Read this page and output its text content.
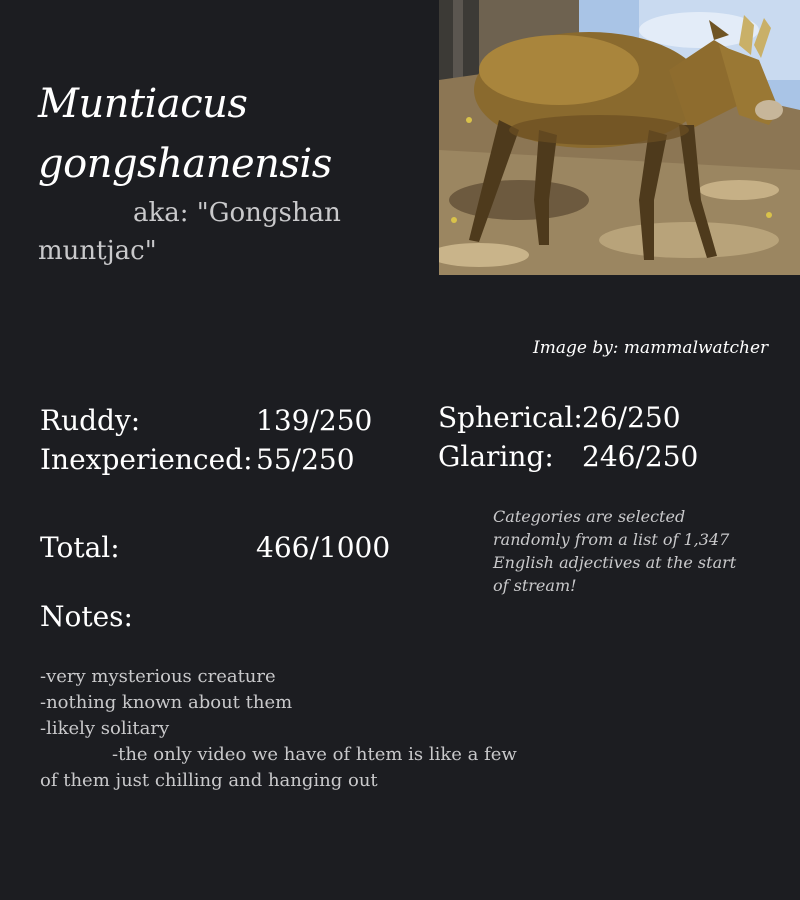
Muntiacus gongshanensis
aka: "Gongshan muntjac"
Image by: mammalwatcher
Ruddy:	139/250
Inexperienced: 55/250
Spherical: 26/250
Glaring: 246/250
Total:	466/1000
Categories are selected randomly from a list of 1,347 English adjectives at the start of stream!
Notes:
-very mysterious creature
-nothing known about them
-likely solitary
-the only video we have of htem is like a few of them just chilling and hanging out
